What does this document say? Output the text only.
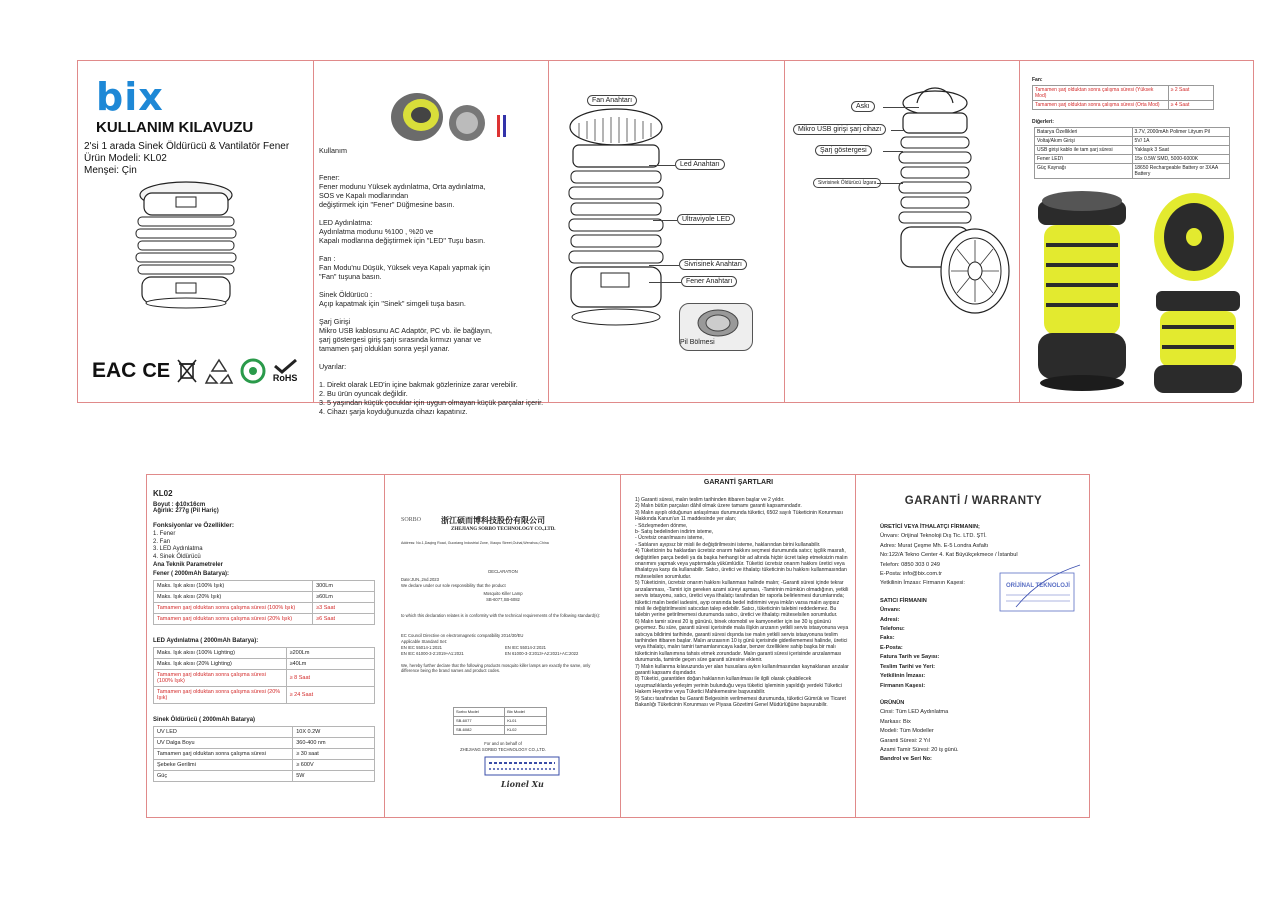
bix
KULLANIM KILAVUZU
2'si 1 arada Sinek Öldürücü & Vantilatör Fener
Ürün Modeli: KL02
Menşei: Çin
EAC CE	RoHS

Kullanım

Fener:
Fener modunu Yüksek aydınlatma, Orta aydınlatma,
SOS ve Kapalı modlarından
değiştirmek için "Fener" Düğmesine basın.

LED Aydınlatma:
Aydınlatma modunu %100 , %20 ve
Kapalı modlarına değiştirmek için "LED" Tuşu basın.

Fan :
Fan Modu'nu Düşük, Yüksek veya Kapalı yapmak için
"Fan" tuşuna basın.

Sinek Öldürücü :
Açıp kapatmak için "Sinek" simgeli tuşa basın.

Şarj Girişi
Mikro USB kablosunu AC Adaptör, PC vb. ile bağlayın,
şarj göstergesi giriş şarjı sırasında kırmızı yanar ve
tamamen şarj oldukları sonra yeşil yanar.

Uyarılar:

1. Direkt olarak LED'in içine bakmak gözlerinize zarar verebilir.
2. Bu ürün oyuncak değildir.
3. 5 yaşından küçük çocuklar için uygun olmayan küçük parçalar içerir.
4. Cihazı şarja koyduğunuzda cihazı kapatınız.

Fan Anahtarı
Led Anahtarı
Ultraviyole LED
Sivrisinek Anahtarı
Fener Anahtarı
Pil Bölmesi
Askı
Mikro USB girişi şarj cihazı
Şarj göstergesi
Sivrisinek Öldürücü Ízgara
Fan:
Tamamen şarj olduktan sonra çalışma süresi (Yüksek Mod)	≥ 2 Saat
Tamamen şarj olduktan sonra çalışma süresi (Orta Mod)	≥ 4 Saat
Diğerleri:
Batarya Özellikleri	3.7V, 2000mAh Polimer Lityum Pil
Voltaj/Akım Girişi	5V/ 1A
USB girişi kablo ile tam şarj süresi	Yaklaşık 3 Saat
Fener LED'i	15x 0.5W SMD, 5000-6000K
Güç Kaynağı	18650 Rechargeable Battery or 3XAA Battery
KL02
Boyut : ɸ10x16cm
Ağırlık: 277g (Pil Hariç)
Fonksiyonlar ve Özellikler:
1. Fener
2. Fan
3. LED Aydınlatma
4. Sinek Öldürücü
Ana Teknik Parametreler
Fener ( 2000mAh Batarya):
Maks. Işık akısı (100% Işık)	300Lm
Maks. Işık akısı (20% Işık)	≥60Lm
Tamamen şarj olduktan sonra çalışma süresi (100% Işık)	≥3 Saat
Tamamen şarj olduktan sonra çalışma süresi (20% Işık)	≥6 Saat
LED Aydınlatma ( 2000mAh Batarya):
Maks. Işık akısı (100% Lighting)	≥200Lm
Maks. Işık akısı (20% Lighting)	≥40Lm
Tamamen şarj olduktan sonra çalışma süresi (100% Işık)	≥ 8 Saat
Tamamen şarj olduktan sonra çalışma süresi (20% Işık)	≥ 24 Saat
Sinek Öldürücü ( 2000mAh Batarya)
UV LED	10X 0.2W
UV Dalga Boyu	360-400 nm
Tamamen şarj olduktan sonra çalışma süresi	≥ 30 saat
Şebeke Gerilimi	≥ 600V
Güç	5W
SORBO 浙江硕而博科技股份有限公司
ZHEJIANG SORBO TECHNOLOGY CO.,LTD.
Address: No.1,Daqing Road, Guoxiang Industrial Zone, Xiaopu Street,Ouhai,Wenzhou,China
DECLARATION
Date:JUN.,2nd.2023
We declare under our sole responsibility that the product
Mosquito Killer Lamp
SB-6077,SB-6082
to which this declaration relates is in conformity with the technical requirements of the following standard(s):
EC Council Directive on electromagnetic compatibility 2014/30/EU
Applicable Standard Set:
EN IEC 55014-1:2021	EN IEC 55014-2:2021
EN IEC 61000-3-2:2019+A1:2021	EN 61000-3-3:2013+A2:2021+AC:2022
We, hereby further declare that the following products mosquito killer lamps are exactly the same, only difference being the brand names and product codes.
Sorbo Model	Bix Model
SB-6077	KL01
SB-6082	KL02
For and on behalf of
ZHEJIANG SORBO TECHNOLOGY CO.,LTD.
Lionel Xu
GARANTİ ŞARTLARI
1) Garanti süresi, malın teslim tarihinden itibaren başlar ve 2 yıldır.
2) Malın bütün parçaları dâhil olmak üzere tamamı garanti kapsamındadır.
3) Malın ayıplı olduğunun anlaşılması durumunda tüketici, 6502 sayılı Tüketicinin Korunması Hakkında Kanun'un 11 maddesinde yer alan;
- Sözleşmeden dönme,
b- Satış bedelinden indirim isteme,
- Ücretsiz onarılmasını isteme,
- Satılanın ayıpsız bir misli ile değiştirilmesini isteme, haklarından birini kullanabilir.
4) Tüketicinin bu haklardan ücretsiz onarım hakkını seçmesi durumunda satıcı; işçilik masrafı, değiştirilen parça bedeli ya da başka herhangi bir ad altında hiçbir ücret talep etmeksizin malın onarımını yapmak veya yaptırmakla yükümlüdür. Tüketici ücretsiz onarım hakkını üretici veya ithalatçıya karşı da kullanabilir. Satıcı, üretici ve ithalatçı tüketicinin bu hakkını kullanmasından müteselsilen sorumludur.
5) Tüketicinin, ücretsiz onarım hakkını kullanması halinde malın; -Garanti süresi içinde tekrar arızalanması, -Tamiri için gereken azami süreyi aşması, -Tamirinin mümkün olmadığının, yetkili servis istasyonu, satıcı, üretici veya ithalatçı tarafından bir raporla belirlenmesi durumlarında; tüketici malın bedel iadesini, ayıp oranında bedel indirimini veya imkân varsa malın ayıpsız misli ile değiştirilmesini satıcıdan talep edebilir. Satıcı, tüketicinin talebini reddedemez. Bu talebin yerine getirilmemesi durumunda satıcı, üretici ve ithalatçı müteselsilen sorumludur.
6) Malın tamir süresi 20 iş gününü, binek otomobil ve kamyonetler için ise 30 iş gününü geçemez. Bu süre, garanti süresi içerisinde mala ilişkin arızanın yetkili servis istasyonuna veya satıcıya bildirimi tarihinde, garanti süresi dışında ise malın yetkili servis istasyonuna teslim tarihinden itibaren başlar. Malın arızasının 10 iş günü içerisinde giderilememesi halinde, üretici veya ithalatçı, malın tamiri tamamlanıncaya kadar, benzer özelliklere sahip başka bir malı tüketicinin kullanımına tahsis etmek zorundadır. Malın garanti süresi içerisinde arızalanması durumunda, tamirde geçen süre garanti süresine eklenir.
7) Malın kullanma kılavuzunda yer alan hususlara aykırı kullanılmasından kaynaklanan arızalar garanti kapsamı dışındadır.
8) Tüketici, garantiden doğan haklarının kullanılması ile ilgili olarak çıkabilecek uyuşmazlıklarda yerleşim yerinin bulunduğu veya tüketici işleminin yapıldığı yerdeki Tüketici Hakem Heyetine veya Tüketici Mahkemesine başvurabilir.
9) Satıcı tarafından bu Garanti Belgesinin verilmemesi durumunda, tüketici Gümrük ve Ticaret Bakanlığı Tüketicinin Korunması ve Piyasa Gözetimi Genel Müdürlüğüne başvurabilir.
GARANTİ / WARRANTY
ÜRETİCİ VEYA İTHALATÇI FİRMANIN;
Ünvanı: Orijinal Teknoloji Dış Tic. LTD. ŞTİ.
Adres: Murat Çeşme Mh. E-5 Londra Asfaltı
No:122/A Tekno Center 4. Kat Büyükçekmece / İstanbul
Telefon: 0850 303 0 249
E-Posta: info@bix.com.tr
Yetkilinin İmzası: Firmanın Kaşesi:
SATICI FİRMANIN
Ünvanı:
Adresi:
Telefonu:
Faks:
E-Posta:
Fatura Tarih ve Sayısı:
Teslim Tarihi ve Yeri:
Yetkilinin İmzası:
Firmanın Kaşesi:
ÜRÜNÜN
Cinsi: Tüm LED Aydınlatma
Markası: Bix
Modeli: Tüm Modeller
Garanti Süresi: 2 Yıl
Azami Tamir Süresi: 20 iş günü.
Bandrol ve Seri No:
ORİJİNAL TEKNOLOJİ
